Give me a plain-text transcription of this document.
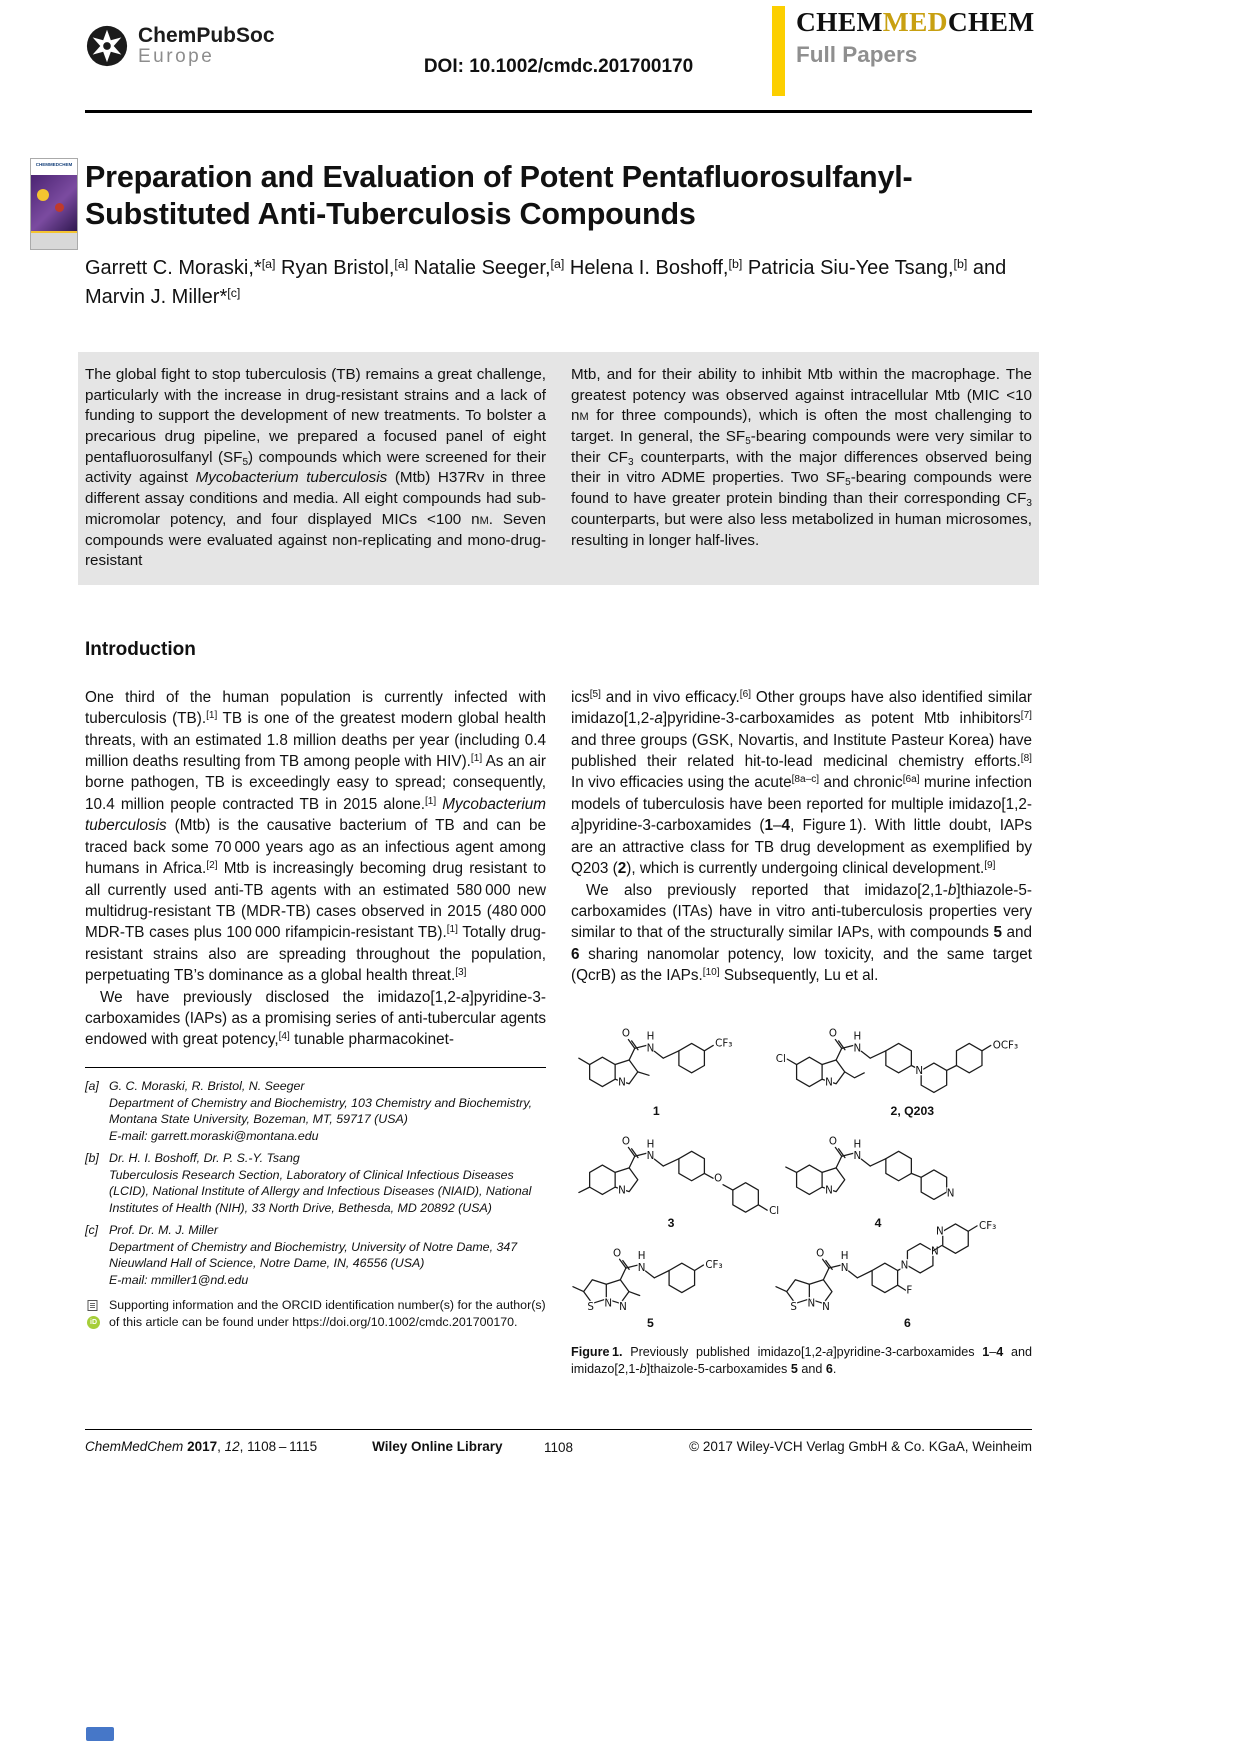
ChemPubSoc
Europe	DOI: 10.1002/cmdc.201700170
CHEMMEDCHEM
Full Papers
CHEMMEDCHEM Preparation and Evaluation of Potent Pentafluorosulfanyl-
Substituted Anti-Tuberculosis Compounds

Garrett C. Moraski,*[a] Ryan Bristol,[a] Natalie Seeger,[a] Helena I. Boshoff,[b] Patricia Siu-Yee Tsang,[b] and Marvin J. Miller*[c]

The global fight to stop tuberculosis (TB) remains a great challenge, particularly with the increase in drug-resistant strains and a lack of funding to support the development of new treatments. To bolster a precarious drug pipeline, we prepared a focused panel of eight pentafluorosulfanyl $(SF_5)$ compounds which were screened for their activity against Mycobacterium tuberculosis (Mtb) H37Rv in three different assay conditions and media. All eight compounds had sub-micromolar potency, and four displayed MICs <100 nm. Seven compounds were evaluated against non-replicating and mono-drug-resistant
Mtb, and for their ability to inhibit Mtb within the macrophage. The greatest potency was observed against intracellular Mtb (MIC <10 nm for three compounds), which is often the most challenging to target. In general, the $SF_5$-bearing compounds were very similar to their $CF_3$ counterparts, with the major differences observed being their in vitro ADME properties. Two $SF_5$-bearing compounds were found to have greater protein binding than their corresponding $CF_3$ counterparts, but were also less metabolized in human microsomes, resulting in longer half-lives.
Introduction

One third of the human population is currently infected with tuberculosis (TB).[1] TB is one of the greatest modern global health threats, with an estimated 1.8 million deaths per year (including 0.4 million deaths resulting from TB among people with HIV).[1] As an air borne pathogen, TB is exceedingly easy to spread; consequently, 10.4 million people contracted TB in 2015 alone.[1] Mycobacterium tuberculosis (Mtb) is the causative bacterium of TB and can be traced back some 70 000 years ago as an infectious agent among humans in Africa.[2] Mtb is increasingly becoming drug resistant to all currently used anti-TB agents with an estimated 580 000 new multidrug-resistant TB (MDR-TB) cases observed in 2015 (480 000 MDR-TB cases plus 100 000 rifampicin-resistant TB).[1] Totally drug-resistant strains also are spreading throughout the population, perpetuating TB’s dominance as a global health threat.[3]

We have previously disclosed the imidazo[1,2-a]pyridine-3-carboxamides (IAPs) as a promising series of anti-tubercular agents endowed with great potency,[4] tunable pharmacokinet-

[a] G. C. Moraski, R. Bristol, N. Seeger
Department of Chemistry and Biochemistry, 103 Chemistry and Biochemistry, Montana State University, Bozeman, MT, 59717 (USA)
E-mail: garrett.moraski@montana.edu
[b] Dr. H. I. Boshoff, Dr. P. S.-Y. Tsang
Tuberculosis Research Section, Laboratory of Clinical Infectious Diseases (LCID), National Institute of Allergy and Infectious Diseases (NIAID), National Institutes of Health (NIH), 33 North Drive, Bethesda, MD 20892 (USA)
[c] Prof. Dr. M. J. Miller
Department of Chemistry and Biochemistry, University of Notre Dame, 347 Nieuwland Hall of Science, Notre Dame, IN, 46556 (USA)
E-mail: mmiller1@nd.edu
iD
Supporting information and the ORCID identification number(s) for the author(s) of this article can be found under https://doi.org/10.1002/cmdc.201700170.

ics[5] and in vivo efficacy.[6] Other groups have also identified similar imidazo[1,2-a]pyridine-3-carboxamides as potent Mtb inhibitors[7] and three groups (GSK, Novartis, and Institute Pasteur Korea) have published their related hit-to-lead medicinal chemistry efforts.[8] In vivo efficacies using the acute[8a–c] and chronic[6a] murine infection models of tuberculosis have been reported for multiple imidazo[1,2-a]pyridine-3-carboxamides (1–4, Figure 1). With little doubt, IAPs are an attractive class for TB drug development as exemplified by Q203 (2), which is currently undergoing clinical development.[9]

We also previously reported that imidazo[2,1-b]thiazole-5-carboxamides (ITAs) have in vitro anti-tuberculosis properties very similar to that of the structurally similar IAPs, with compounds 5 and 6 sharing nanomolar potency, low toxicity, and the same target (QcrB) as the IAPs.[10] Subsequently, Lu et al.

N
O
N
H
CF₃
1
Cl
N
O
N
H
N
OCF₃
2, Q203
N
O
N
H
O
Cl
3
N
O
N
H
N
4
S N N
O
N
H
CF₃
5
S N N
O
N
H
F
N
N
N	CF₃
6
Figure 1. Previously published imidazo[1,2-a]pyridine-3-carboxamides 1–4 and imidazo[2,1-b]thaizole-5-carboxamides 5 and 6.
ChemMedChem 2017, 12, 1108 – 1115	Wiley Online Library	1108	© 2017 Wiley-VCH Verlag GmbH & Co. KGaA, Weinheim
